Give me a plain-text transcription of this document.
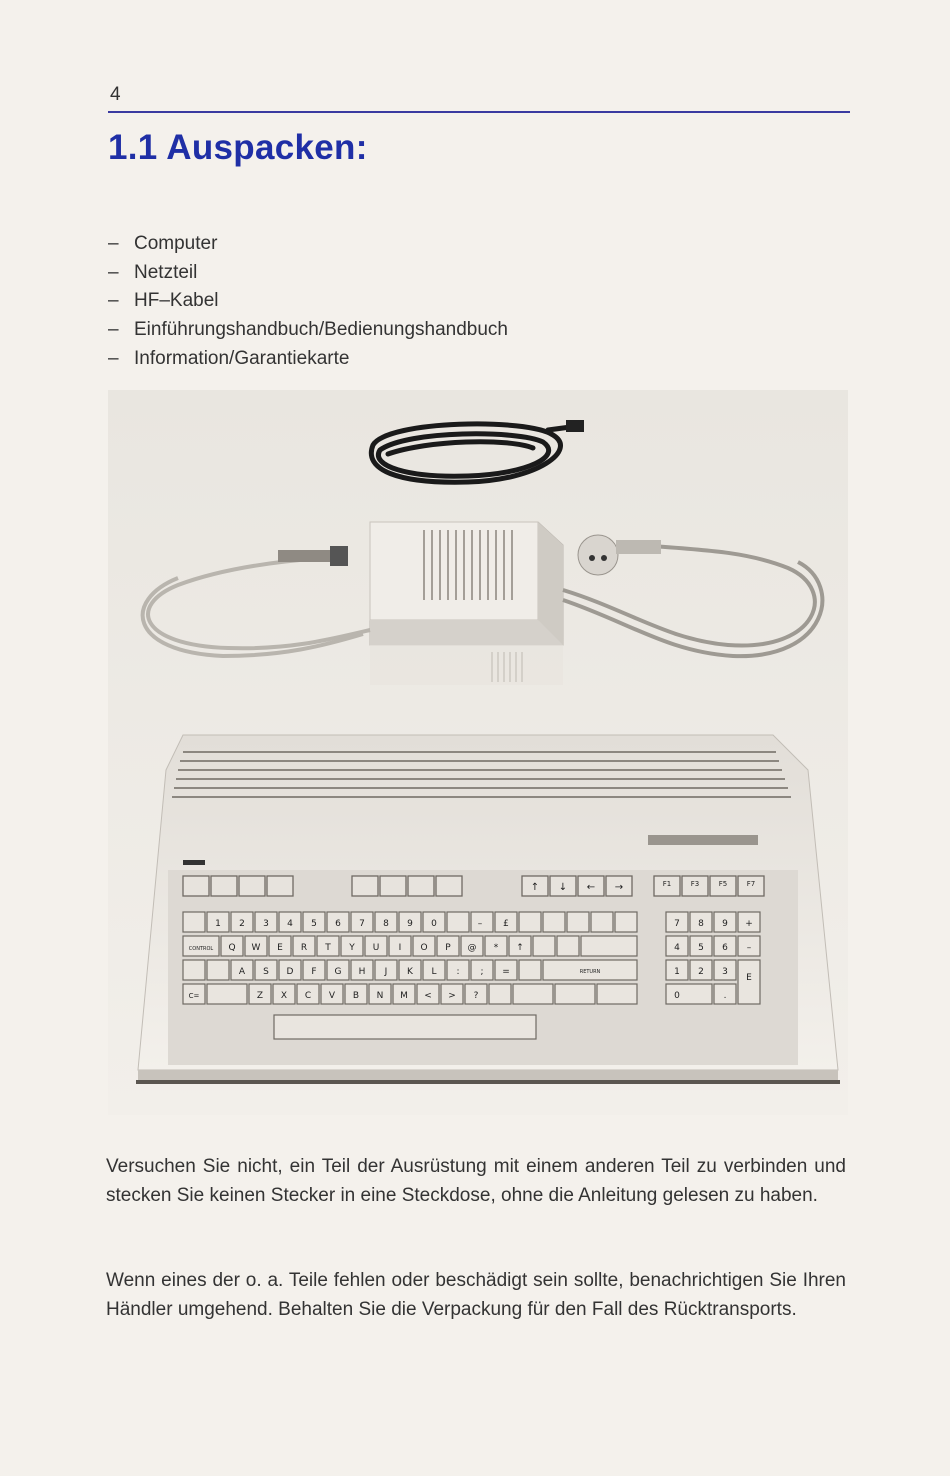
4
1.1 Auspacken:
– Computer
– Netzteil
– HF–Kabel
– Einführungshandbuch/Bedienungshandbuch
– Information/Garantiekarte
↑ ↓ ← →	F1	F3	F5	F7
1 2 3 4 5 6 7 8 9 0	– £
CONTROL Q W E R T Y U I O P @ * ↑
A S D F G H J K L : ; =	RETURN
C=	Z X C V B N M < > ?
7 8 9 +
4 5 6 –
1 2 3
E
0	.

Versuchen Sie nicht, ein Teil der Ausrüstung mit einem anderen Teil zu verbinden und stecken Sie keinen Stecker in eine Steckdose, ohne die Anleitung gelesen zu haben.

Wenn eines der o. a. Teile fehlen oder beschädigt sein sollte, benachrichtigen Sie Ihren Händler umgehend. Behalten Sie die Verpackung für den Fall des Rücktransports.
